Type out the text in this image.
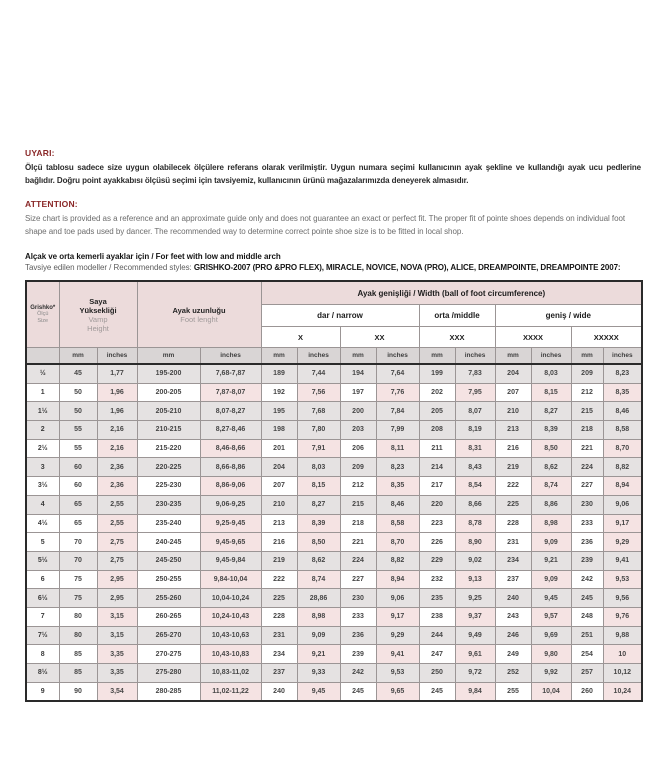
UYARI:

Ölçü tablosu sadece size uygun olabilecek ölçülere referans olarak verilmiştir. Uygun numara seçimi kullanıcının ayak şekline ve kullandığı ayak ucu pedlerine bağlıdır. Doğru point ayakkabısı ölçüsü seçimi için tavsiyemiz, kullanıcının ürünü mağazalarımızda deneyerek almasıdır.

ATTENTION:

Size chart is provided as a reference and an approximate guide only and does not guarantee an exact or perfect fit. The proper fit of pointe shoes depends on individual foot shape and toe pads used by dancer. The recommended way to determine correct pointe shoe size is to be fitted in local shop.

Alçak ve orta kemerli ayaklar için / For feet with low and middle arch
Tavsiye edilen modeller / Recommended styles: GRISHKO-2007 (PRO &PRO FLEX), MIRACLE, NOVICE, NOVA (PRO), ALICE, DREAMPOINTE, DREAMPOINTE 2007:
Grishko*
Ölçü
Size	Saya
Yüksekliği
Vamp
Height		Ayak uzunluğu
Foot lenght		Ayak genişliği / Width (ball of foot circumference)									
					dar / narrow				orta /middle		geniş / wide			
					X		XX		XXX		XXXX		XXXXX	
	mm	inches	mm	inches	mm	inches	mm	inches	mm	inches	mm	inches	mm	inches
½	45	1,77	195-200	7,68-7,87	189	7,44	194	7,64	199	7,83	204	8,03	209	8,23
1	50	1,96	200-205	7,87-8,07	192	7,56	197	7,76	202	7,95	207	8,15	212	8,35
1½	50	1,96	205-210	8,07-8,27	195	7,68	200	7,84	205	8,07	210	8,27	215	8,46
2	55	2,16	210-215	8,27-8,46	198	7,80	203	7,99	208	8,19	213	8,39	218	8,58
2½	55	2,16	215-220	8,46-8,66	201	7,91	206	8,11	211	8,31	216	8,50	221	8,70
3	60	2,36	220-225	8,66-8,86	204	8,03	209	8,23	214	8,43	219	8,62	224	8,82
3½	60	2,36	225-230	8,86-9,06	207	8,15	212	8,35	217	8,54	222	8,74	227	8,94
4	65	2,55	230-235	9,06-9,25	210	8,27	215	8,46	220	8,66	225	8,86	230	9,06
4½	65	2,55	235-240	9,25-9,45	213	8,39	218	8,58	223	8,78	228	8,98	233	9,17
5	70	2,75	240-245	9,45-9,65	216	8,50	221	8,70	226	8,90	231	9,09	236	9,29
5½	70	2,75	245-250	9,45-9,84	219	8,62	224	8,82	229	9,02	234	9,21	239	9,41
6	75	2,95	250-255	9,84-10,04	222	8,74	227	8,94	232	9,13	237	9,09	242	9,53
6½	75	2,95	255-260	10,04-10,24	225	28,86	230	9,06	235	9,25	240	9,45	245	9,56
7	80	3,15	260-265	10,24-10,43	228	8,98	233	9,17	238	9,37	243	9,57	248	9,76
7½	80	3,15	265-270	10,43-10,63	231	9,09	236	9,29	244	9,49	246	9,69	251	9,88
8	85	3,35	270-275	10,43-10,83	234	9,21	239	9,41	247	9,61	249	9,80	254	10
8½	85	3,35	275-280	10,83-11,02	237	9,33	242	9,53	250	9,72	252	9,92	257	10,12
9	90	3,54	280-285	11,02-11,22	240	9,45	245	9,65	245	9,84	255	10,04	260	10,24
